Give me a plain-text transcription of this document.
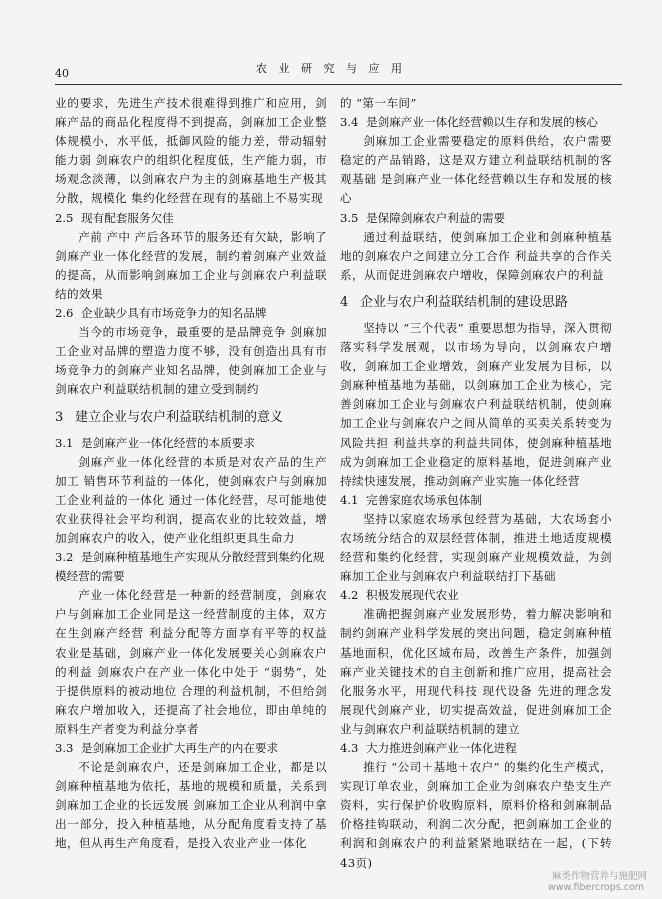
农 业 研 究 与 应 用
40

业的要求，先进生产技术很难得到推广和应用，剑麻产品的商品化程度得不到提高，剑麻加工企业整体规模小，水平低，抵御风险的能力差，带动辐射能力弱 剑麻农户的组织化程度低，生产能力弱，市场观念淡薄，以剑麻农户为主的剑麻基地生产极其分散，规模化 集约化经营在现有的基础上不易实现

2.5 现有配套服务欠佳

产前 产中 产后各环节的服务还有欠缺，影响了剑麻产业一体化经营的发展，制约着剑麻产业效益的提高，从而影响剑麻加工企业与剑麻农户利益联结的效果

2.6 企业缺少具有市场竞争力的知名品牌

当今的市场竞争，最重要的是品牌竞争 剑麻加工企业对品牌的塑造力度不够，没有创造出具有市场竞争力的剑麻产业知名品牌，使剑麻加工企业与剑麻农户利益联结机制的建立受到制约

3 建立企业与农户利益联结机制的意义

3.1 是剑麻产业一体化经营的本质要求

剑麻产业一体化经营的本质是对农产品的生产 加工 销售环节利益的一体化，使剑麻农户与剑麻加工企业利益的一体化 通过一体化经营，尽可能地使农业获得社会平均利润，提高农业的比较效益，增加剑麻农户的收入，使产业化组织更具生命力

3.2 是剑麻种植基地生产实现从分散经营到集约化规模经营的需要

产业一体化经营是一种新的经营制度，剑麻农户与剑麻加工企业同是这一经营制度的主体，双方在生剑麻产经营 利益分配等方面享有平等的权益 农业是基础，剑麻产业一体化发展要关心剑麻农户的利益 剑麻农户在产业一体化中处于 “弱势”，处于提供原料的被动地位 合理的利益机制，不但给剑麻农户增加收入，还提高了社会地位，即由单纯的原料生产者变为利益分享者

3.3 是剑麻加工企业扩大再生产的内在要求

不论是剑麻农户，还是剑麻加工企业，都是以剑麻种植基地为依托，基地的规模和质量，关系到剑麻加工企业的长远发展 剑麻加工企业从利润中拿出一部分，投入种植基地，从分配角度看支持了基地，但从再生产角度看，是投入农业产业一体化

的 “第一车间”

3.4 是剑麻产业一体化经营赖以生存和发展的核心

剑麻加工企业需要稳定的原料供给，农户需要稳定的产品销路，这是双方建立利益联结机制的客观基础 是剑麻产业一体化经营赖以生存和发展的核心

3.5 是保障剑麻农户利益的需要

通过利益联结，使剑麻加工企业和剑麻种植基地的剑麻农户之间建立分工合作 利益共享的合作关系，从而促进剑麻农户增收，保障剑麻农户的利益

4 企业与农户利益联结机制的建设思路

坚持以 “三个代表” 重要思想为指导，深入贯彻落实科学发展观，以市场为导向，以剑麻农户增收，剑麻加工企业增效，剑麻产业发展为目标，以剑麻种植基地为基础，以剑麻加工企业为核心，完善剑麻加工企业与剑麻农户利益联结机制，使剑麻加工企业与剑麻农户之间从简单的买卖关系转变为风险共担 利益共享的利益共同体，使剑麻种植基地成为剑麻加工企业稳定的原料基地，促进剑麻产业持续快速发展，推动剑麻产业实施一体化经营

4.1 完善家庭农场承包体制

坚持以家庭农场承包经营为基础，大农场套小农场统分结合的双层经营体制，推进土地适度规模经营和集约化经营，实现剑麻产业规模效益，为剑麻加工企业与剑麻农户利益联结打下基础

4.2 积极发展现代农业

准确把握剑麻产业发展形势，着力解决影响和制约剑麻产业科学发展的突出问题，稳定剑麻种植基地面积，优化区域布局，改善生产条件，加强剑麻产业关键技术的自主创新和推广应用，提高社会化服务水平，用现代科技 现代设备 先进的理念发展现代剑麻产业，切实提高效益，促进剑麻加工企业与剑麻农户利益联结机制的建立

4.3 大力推进剑麻产业一体化进程

推行 “公司＋基地＋农户” 的集约化生产模式，实现订单农业，剑麻加工企业为剑麻农户垫支生产资料，实行保护价收购原料，原料价格和剑麻制品价格挂钩联动，利润二次分配，把剑麻加工企业的利润和剑麻农户的利益紧紧地联结在一起，(下转43页)

麻类作物营养与施肥网
www.fibercrops.com
